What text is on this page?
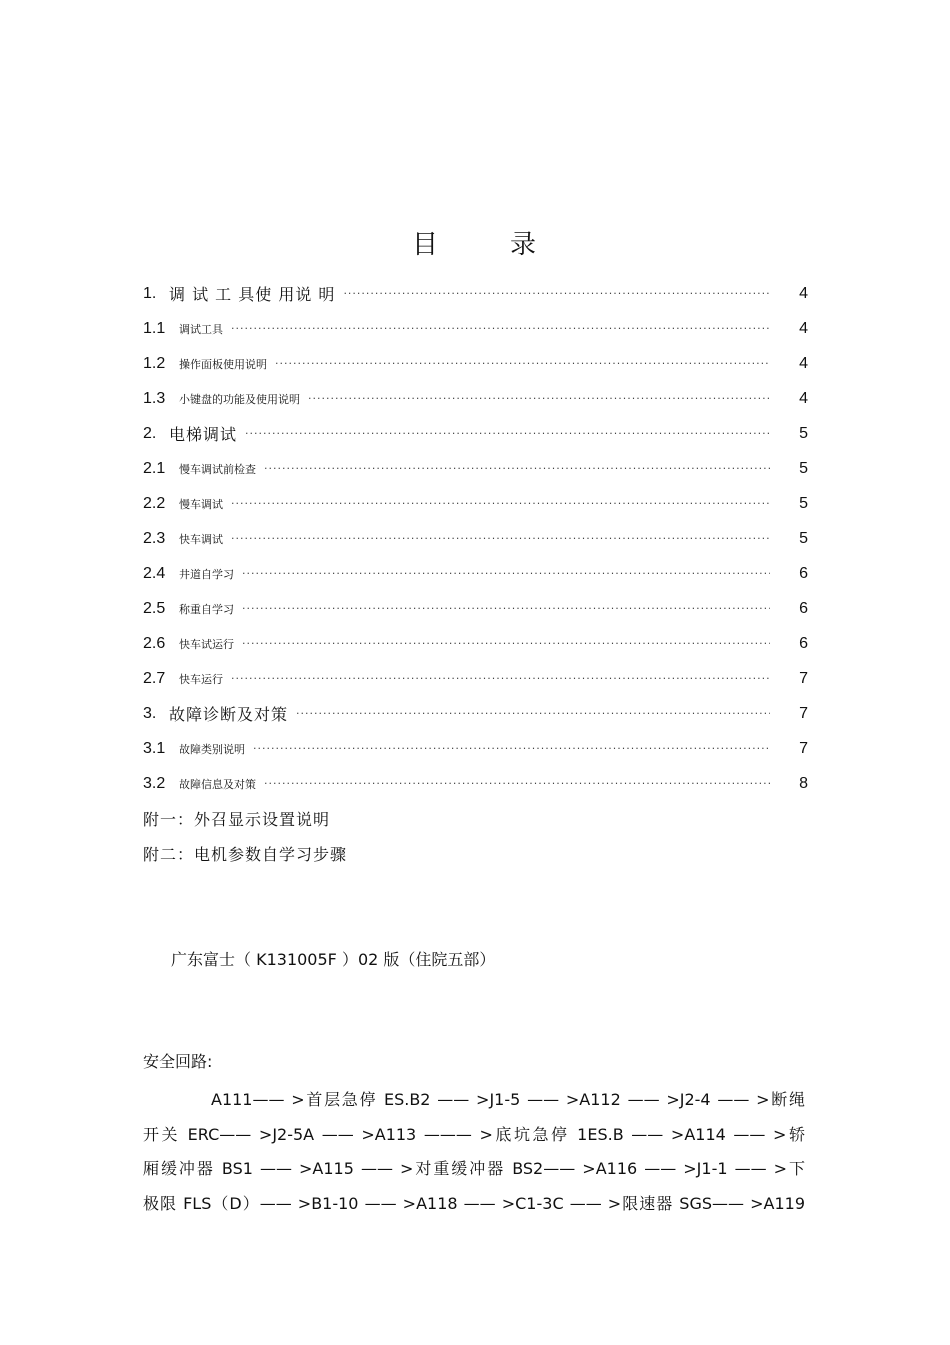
目	录
1. 调 试 工 具使 用说 明 ·····	4
1.1	调试工具 ·····	4
1.2	操作面板使用说明 ·····	4
1.3	小键盘的功能及使用说明 ·····	4
2. 电梯调试 ·····	5
2.1	慢车调试前检查 ·····	5
2.2	慢车调试 ·····	5
2.3	快车调试 ·····	5
2.4	井道自学习 ·····	6
2.5	称重自学习 ·····	6
2.6	快车试运行 ·····	6
2.7	快车运行 ·····	7
3. 故障诊断及对策 ·····	7
3.1	故障类别说明 ·····	7
3.2	故障信息及对策 ·····	8
附一：外召显示设置说明
附二：电机参数自学习步骤
广东富士（ K131005F ）02 版（住院五部）
安全回路:
A111—— >首层急停 ES.B2 —— >J1-5 —— >A112 —— >J2-4 —— >断绳
开关 ERC—— >J2-5A —— >A113 ——— >底坑急停 1ES.B —— >A114 —— >轿
厢缓冲器 BS1 —— >A115 —— >对重缓冲器 BS2—— >A116 —— >J1-1 —— >下
极限 FLS（D）—— >B1-10 —— >A118 —— >C1-3C —— >限速器 SGS—— >A119
